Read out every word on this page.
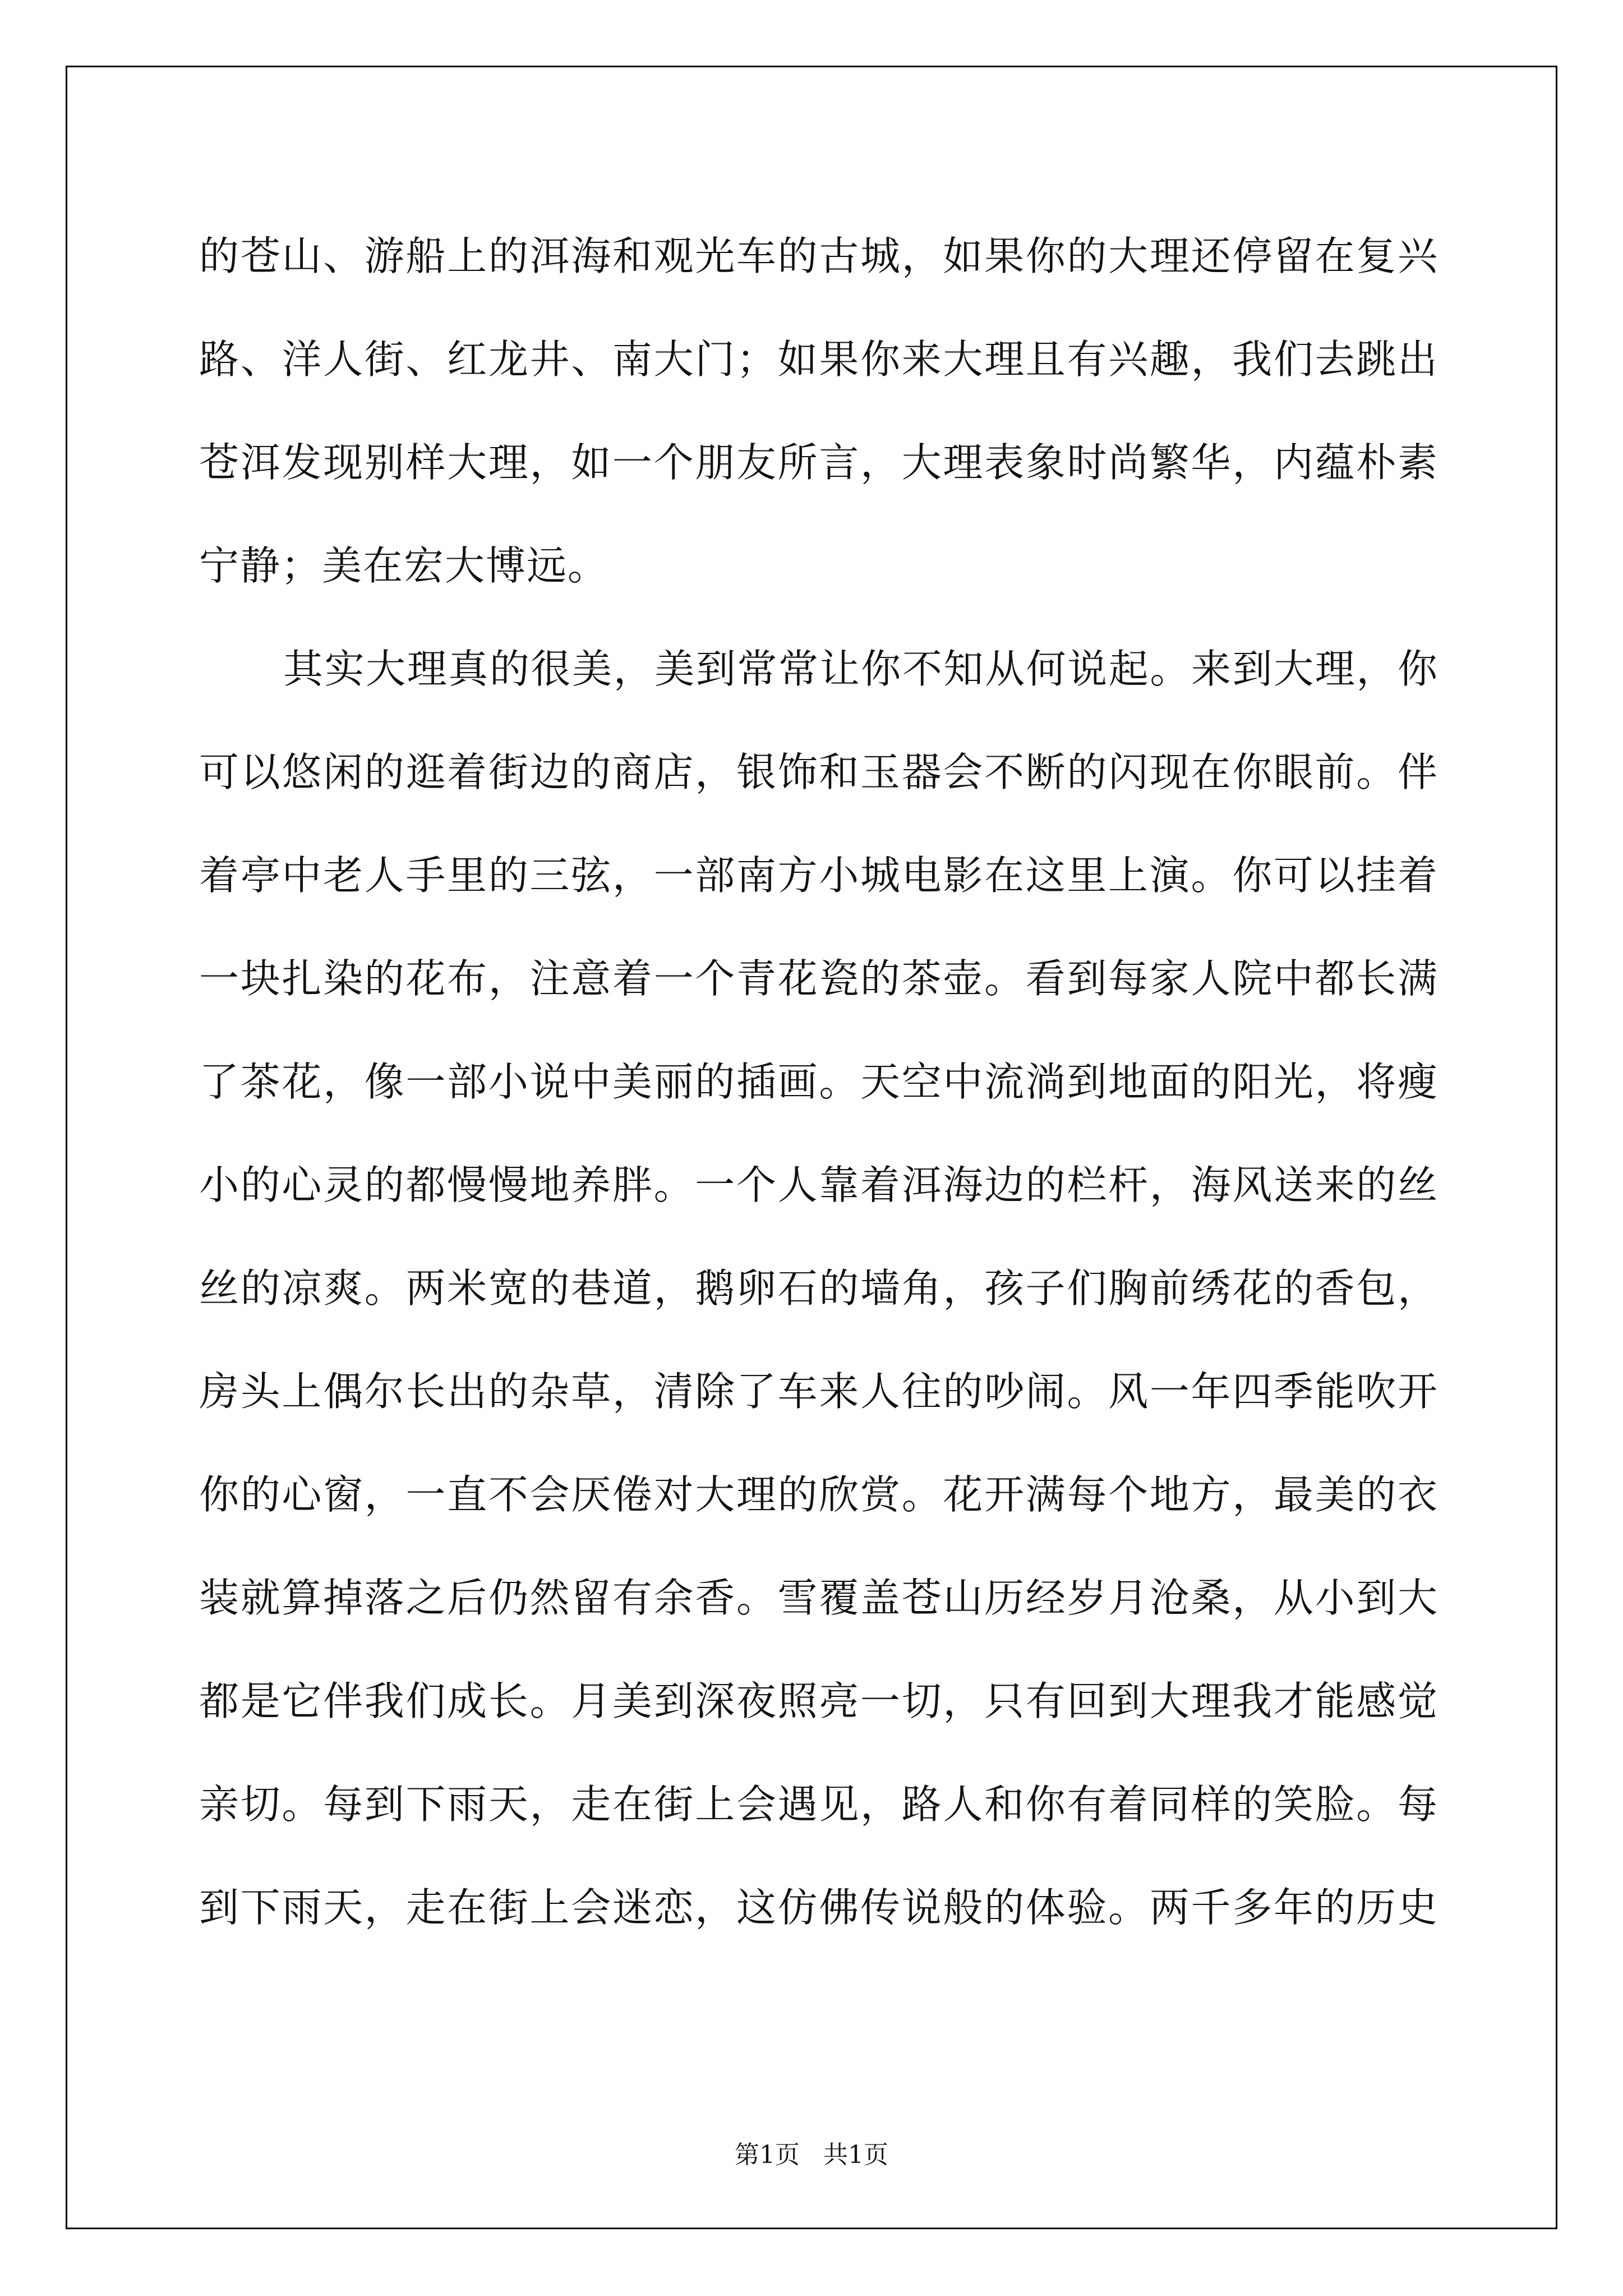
的苍山、游船上的洱海和观光车的古城，如果你的大理还停留在复兴
路、洋人街、红龙井、南大门；如果你来大理且有兴趣，我们去跳出
苍洱发现别样大理，如一个朋友所言，大理表象时尚繁华，内蕴朴素
宁静；美在宏大博远。
其实大理真的很美，美到常常让你不知从何说起。来到大理，你
可以悠闲的逛着街边的商店，银饰和玉器会不断的闪现在你眼前。伴
着亭中老人手里的三弦，一部南方小城电影在这里上演。你可以挂着
一块扎染的花布，注意着一个青花瓷的茶壶。看到每家人院中都长满
了茶花，像一部小说中美丽的插画。天空中流淌到地面的阳光，将瘦
小的心灵的都慢慢地养胖。一个人靠着洱海边的栏杆，海风送来的丝
丝的凉爽。两米宽的巷道，鹅卵石的墙角，孩子们胸前绣花的香包，
房头上偶尔长出的杂草，清除了车来人往的吵闹。风一年四季能吹开
你的心窗，一直不会厌倦对大理的欣赏。花开满每个地方，最美的衣
装就算掉落之后仍然留有余香。雪覆盖苍山历经岁月沧桑，从小到大
都是它伴我们成长。月美到深夜照亮一切，只有回到大理我才能感觉
亲切。每到下雨天，走在街上会遇见，路人和你有着同样的笑脸。每
到下雨天，走在街上会迷恋，这仿佛传说般的体验。两千多年的历史
第1页 共1页
